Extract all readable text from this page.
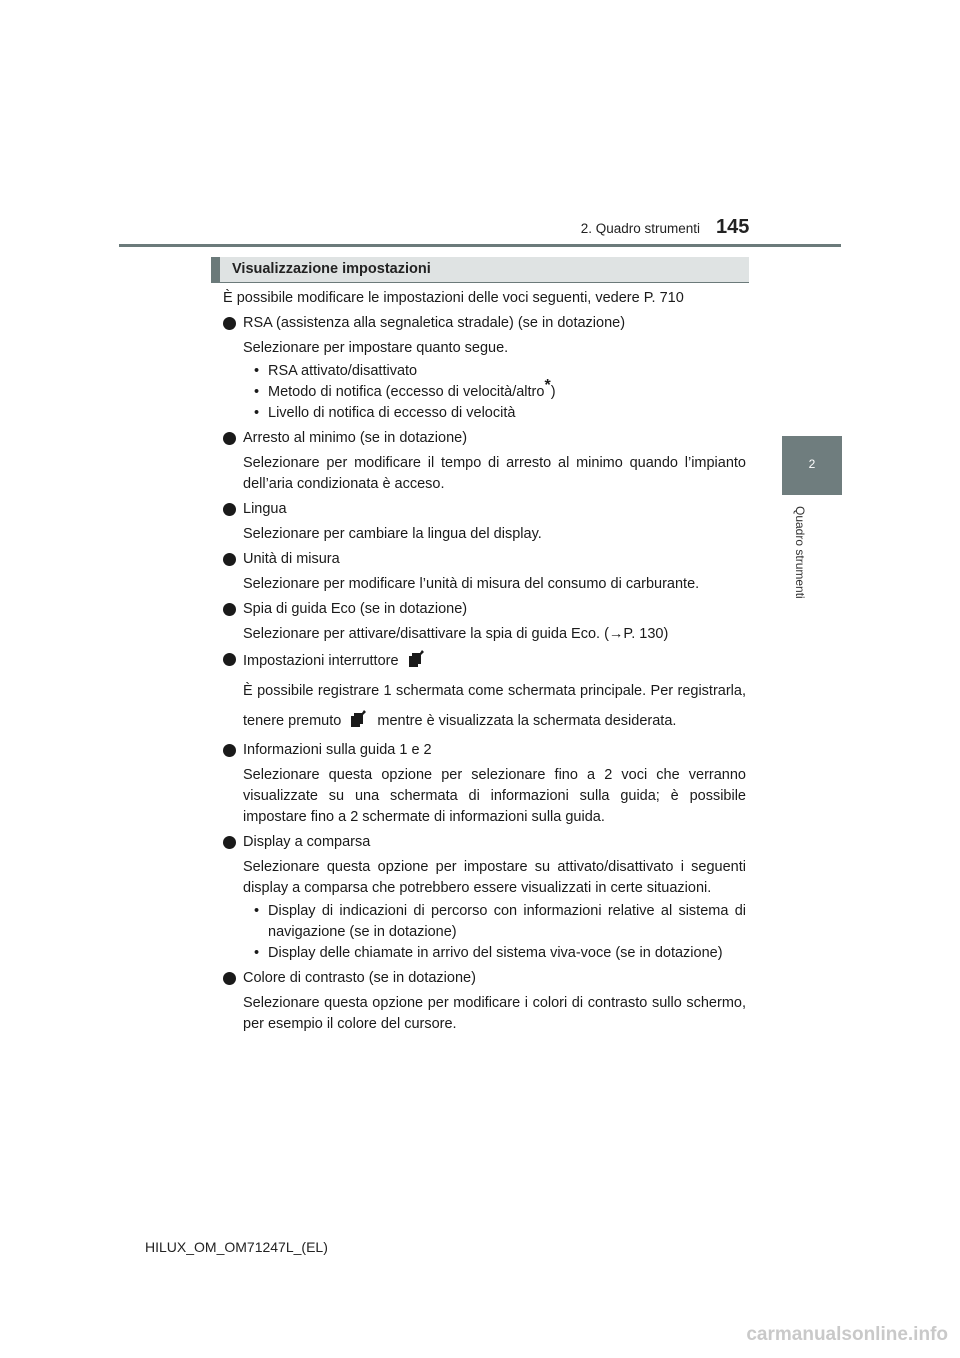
2. Quadro strumenti 145
2
Quadro strumenti
Visualizzazione impostazioni

È possibile modificare le impostazioni delle voci seguenti, vedere P. 710

RSA (assistenza alla segnaletica stradale) (se in dotazione)

Selezionare per impostare quanto segue.

• RSA attivato/disattivato
• Metodo di notifica (eccesso di velocità/altro*)
• Livello di notifica di eccesso di velocità

Arresto al minimo (se in dotazione)

Selezionare per modificare il tempo di arresto al minimo quando l’impianto dell’aria condizionata è acceso.

Lingua

Selezionare per cambiare la lingua del display.

Unità di misura

Selezionare per modificare l’unità di misura del consumo di carburante.

Spia di guida Eco (se in dotazione)

Selezionare per attivare/disattivare la spia di guida Eco. (→P. 130)

Impostazioni interruttore

È possibile registrare 1 schermata come schermata principale. Per registrarla, tenere premuto mentre è visualizzata la schermata desiderata.

Informazioni sulla guida 1 e 2

Selezionare questa opzione per selezionare fino a 2 voci che verranno visualizzate su una schermata di informazioni sulla guida; è possibile impostare fino a 2 schermate di informazioni sulla guida.

Display a comparsa

Selezionare questa opzione per impostare su attivato/disattivato i seguenti display a comparsa che potrebbero essere visualizzati in certe situazioni.

• Display di indicazioni di percorso con informazioni relative al sistema di navigazione (se in dotazione)
• Display delle chiamate in arrivo del sistema viva-voce (se in dotazione)

Colore di contrasto (se in dotazione)

Selezionare questa opzione per modificare i colori di contrasto sullo schermo, per esempio il colore del cursore.

HILUX_OM_OM71247L_(EL)
carmanualsonline.info
